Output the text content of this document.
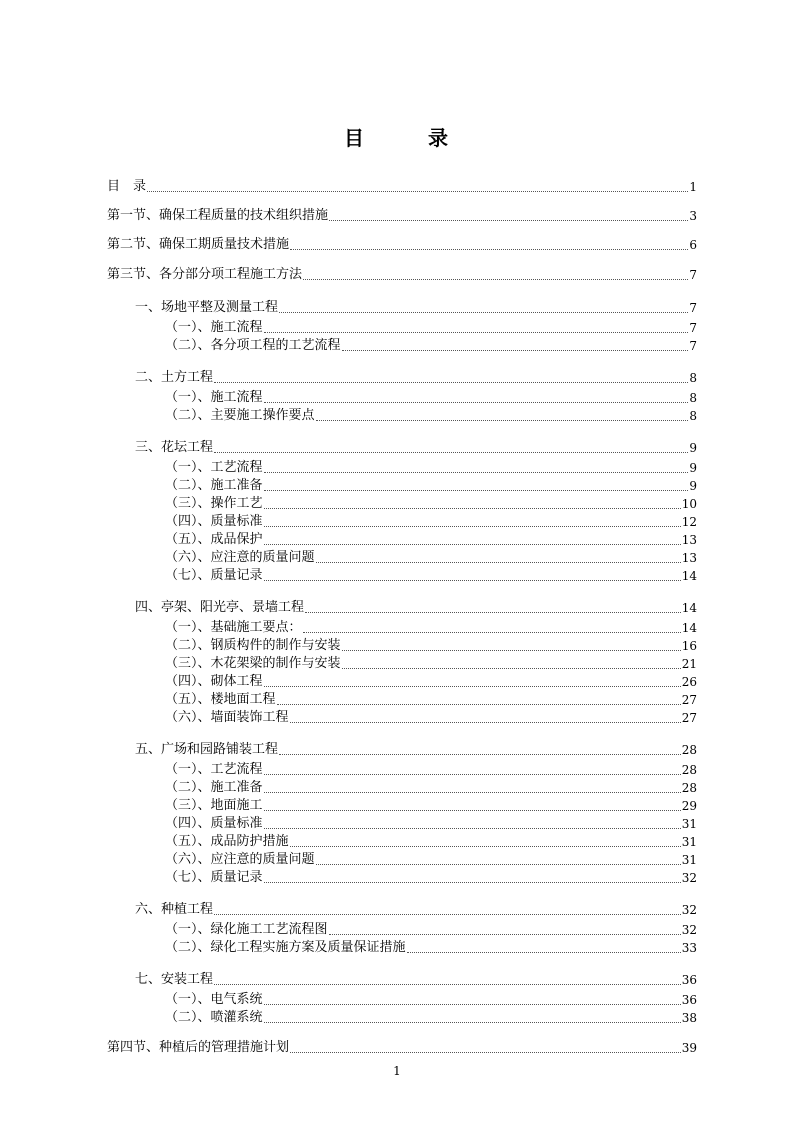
目　录
目　录	1
第一节、确保工程质量的技术组织措施	3
第二节、确保工期质量技术措施	6
第三节、各分部分项工程施工方法	7
一、场地平整及测量工程	7
（一）、施工流程	7
（二）、各分项工程的工艺流程	7
二、土方工程	8
（一）、施工流程	8
（二）、主要施工操作要点	8
三、花坛工程	9
（一）、工艺流程	9
（二）、施工准备	9
（三）、操作工艺	10
（四）、质量标准	12
（五）、成品保护	13
（六）、应注意的质量问题	13
（七）、质量记录	14
四、亭架、阳光亭、景墙工程	14
（一）、基础施工要点：	14
（二）、钢质构件的制作与安装	16
（三）、木花架梁的制作与安装	21
（四）、砌体工程	26
（五）、楼地面工程	27
（六）、墙面装饰工程	27
五、广场和园路铺装工程	28
（一）、工艺流程	28
（二）、施工准备	28
（三）、地面施工	29
（四）、质量标准	31
（五）、成品防护措施	31
（六）、应注意的质量问题	31
（七）、质量记录	32
六、种植工程	32
（一）、绿化施工工艺流程图	32
（二）、绿化工程实施方案及质量保证措施	33
七、安装工程	36
（一）、电气系统	36
（二）、喷灌系统	38
第四节、种植后的管理措施计划	39
1
